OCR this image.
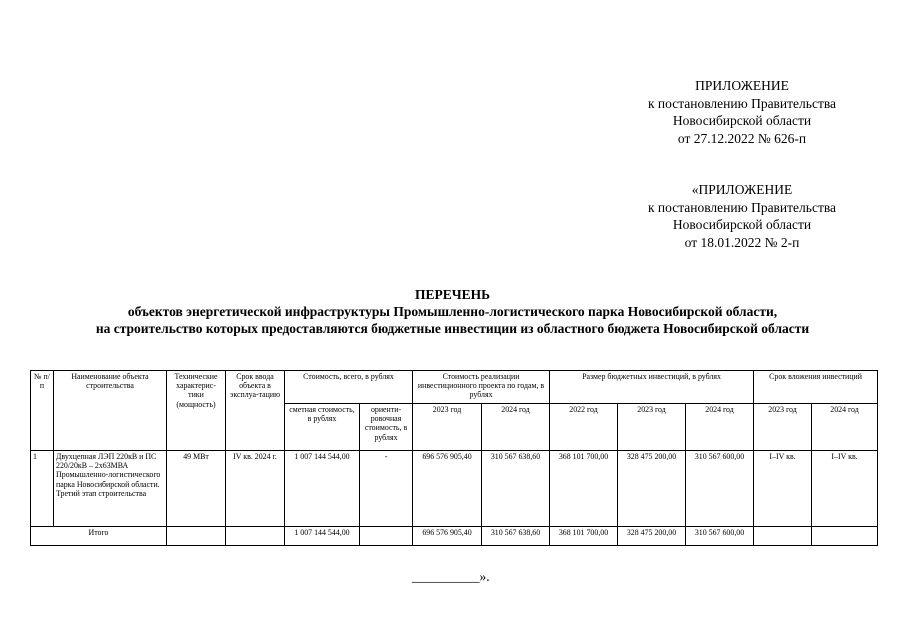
ПРИЛОЖЕНИЕ
к постановлению Правительства
Новосибирской области
от 27.12.2022 № 626-п
«ПРИЛОЖЕНИЕ
к постановлению Правительства
Новосибирской области
от 18.01.2022 № 2-п
ПЕРЕЧЕНЬ
объектов энергетической инфраструктуры Промышленно-логистического парка Новосибирской области,
на строительство которых предоставляются бюджетные инвестиции из областного бюджета Новосибирской области
№ п/п	Наименование объекта строительства	Технические характерис-тики (мощность)	Срок ввода объекта в эксплуа-тацию	Стоимость, всего, в рублях		Стоимость реализации инвестиционного проекта по годам, в рублях		Размер бюджетных инвестиций, в рублях			Срок вложения инвестиций	
				сметная стоимость, в рублях	ориенти-ровочная стоимость, в рублях	2023 год	2024 год	2022 год	2023 год	2024 год	2023 год	2024 год
1	Двухцепная ЛЭП 220кВ и ПС 220/20кВ – 2х63МВА Промышленно-логистического парка Новосибирской области. Третий этап строительства	49 МВт	IV кв. 2024 г.	1 007 144 544,00	-	696 576 905,40	310 567 638,60	368 101 700,00	328 475 200,00	310 567 600,00	I–IV кв.	I–IV кв.
Итого				1 007 144 544,00		696 576 905,40	310 567 638,60	368 101 700,00	328 475 200,00	310 567 600,00		
__________».
